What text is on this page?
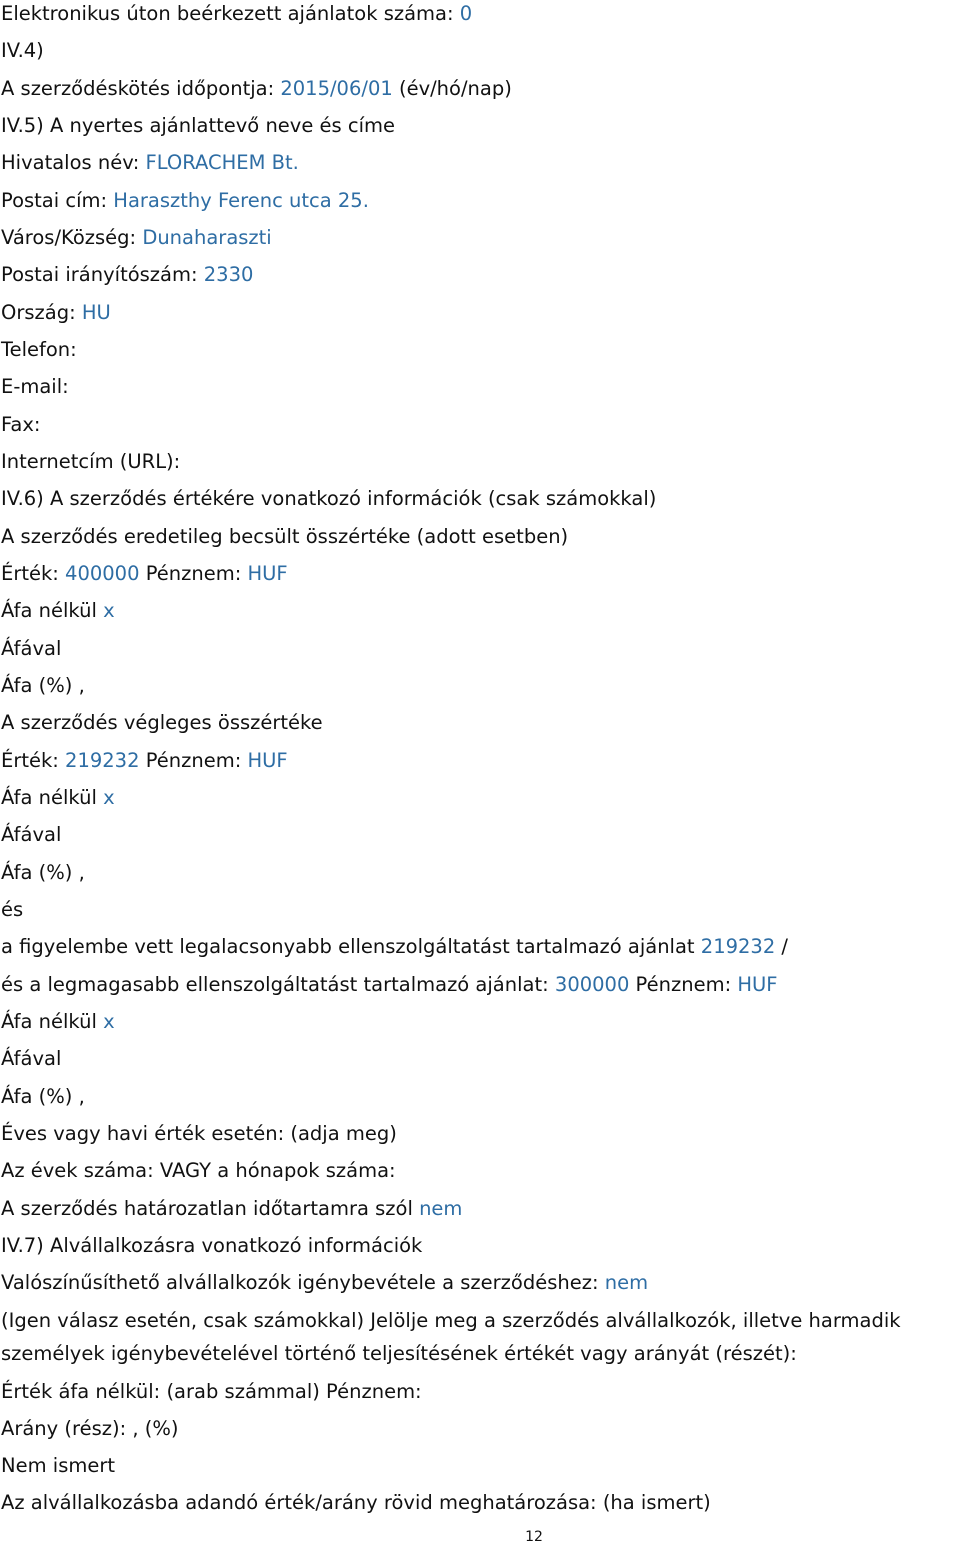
Elektronikus úton beérkezett ajánlatok száma: 0
IV.4)
A szerződéskötés időpontja: 2015/06/01 (év/hó/nap)
IV.5) A nyertes ajánlattevő neve és címe
Hivatalos név: FLORACHEM Bt.
Postai cím: Haraszthy Ferenc utca 25.
Város/Község: Dunaharaszti
Postai irányítószám: 2330
Ország: HU
Telefon:
E-mail:
Fax:
Internetcím (URL):
IV.6) A szerződés értékére vonatkozó információk (csak számokkal)
A szerződés eredetileg becsült összértéke (adott esetben)
Érték: 400000 Pénznem: HUF
Áfa nélkül x
Áfával
Áfa (%) ,
A szerződés végleges összértéke
Érték: 219232 Pénznem: HUF
Áfa nélkül x
Áfával
Áfa (%) ,
és
a figyelembe vett legalacsonyabb ellenszolgáltatást tartalmazó ajánlat 219232 /
és a legmagasabb ellenszolgáltatást tartalmazó ajánlat: 300000 Pénznem: HUF
Áfa nélkül x
Áfával
Áfa (%) ,
Éves vagy havi érték esetén: (adja meg)
Az évek száma: VAGY a hónapok száma:
A szerződés határozatlan időtartamra szól nem
IV.7) Alvállalkozásra vonatkozó információk
Valószínűsíthető alvállalkozók igénybevétele a szerződéshez: nem
(Igen válasz esetén, csak számokkal) Jelölje meg a szerződés alvállalkozók, illetve harmadik
személyek igénybevételével történő teljesítésének értékét vagy arányát (részét):
Érték áfa nélkül: (arab számmal) Pénznem:
Arány (rész): , (%)
Nem ismert
Az alvállalkozásba adandó érték/arány rövid meghatározása: (ha ismert)
12
